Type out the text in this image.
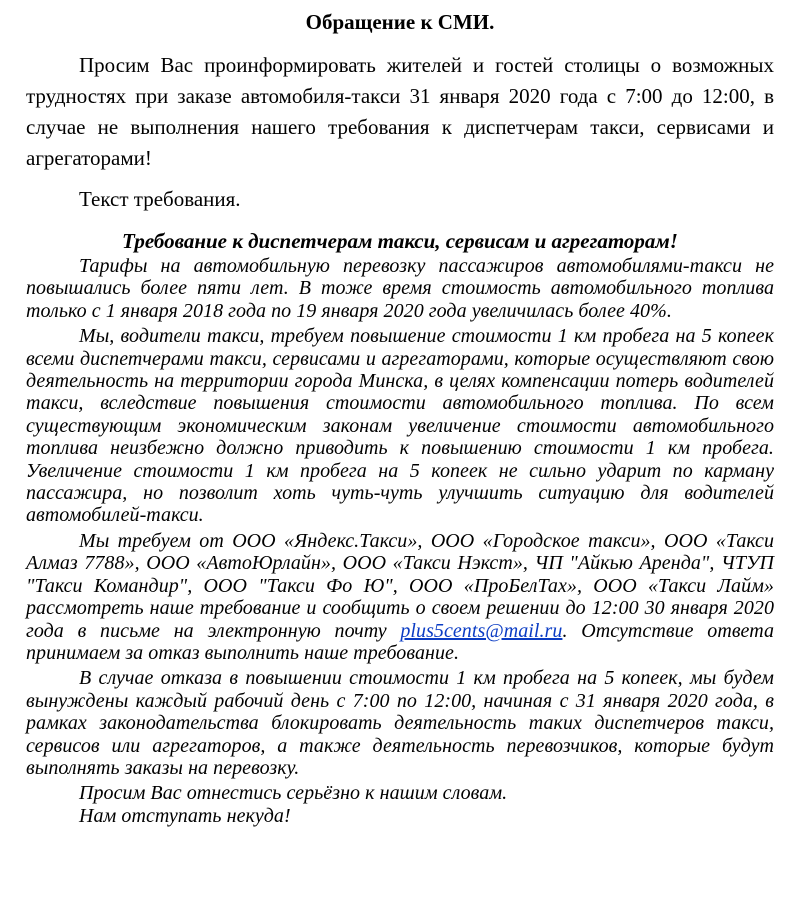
Обращение к СМИ.

Просим Вас проинформировать жителей и гостей столицы о возможных трудностях при заказе автомобиля-такси 31 января 2020 года с 7:00 до 12:00, в случае не выполнения нашего требования к диспетчерам такси, сервисами и агрегаторами!

Текст требования.

Требование к диспетчерам такси, сервисам и агрегаторам!

Тарифы на автомобильную перевозку пассажиров автомобилями-такси не повышались более пяти лет. В тоже время стоимость автомобильного топлива только с 1 января 2018 года по 19 января 2020 года увеличилась более 40%.

Мы, водители такси, требуем повышение стоимости 1 км пробега на 5 копеек всеми диспетчерами такси, сервисами и агрегаторами, которые осуществляют свою деятельность на территории города Минска, в целях компенсации потерь водителей такси, вследствие повышения стоимости автомобильного топлива. По всем существующим экономическим законам увеличение стоимости автомобильного топлива неизбежно должно приводить к повышению стоимости 1 км пробега. Увеличение стоимости 1 км пробега на 5 копеек не сильно ударит по карману пассажира, но позволит хоть чуть-чуть улучшить ситуацию для водителей автомобилей-такси.

Мы требуем от ООО «Яндекс.Такси», ООО «Городское такси», ООО «Такси Алмаз 7788», ООО «АвтоЮрлайн», ООО «Такси Нэкст», ЧП "Айкью Аренда", ЧТУП "Такси Командир", ООО "Такси Фо Ю", ООО «ПроБелТах», ООО «Такси Лайм» рассмотреть наше требование и сообщить о своем решении до 12:00 30 января 2020 года в письме на электронную почту plus5cents@mail.ru. Отсутствие ответа принимаем за отказ выполнить наше требование.

В случае отказа в повышении стоимости 1 км пробега на 5 копеек, мы будем вынуждены каждый рабочий день с 7:00 по 12:00, начиная с 31 января 2020 года, в рамках законодательства блокировать деятельность таких диспетчеров такси, сервисов или агрегаторов, а также деятельность перевозчиков, которые будут выполнять заказы на перевозку.

Просим Вас отнестись серьёзно к нашим словам.

Нам отступать некуда!
